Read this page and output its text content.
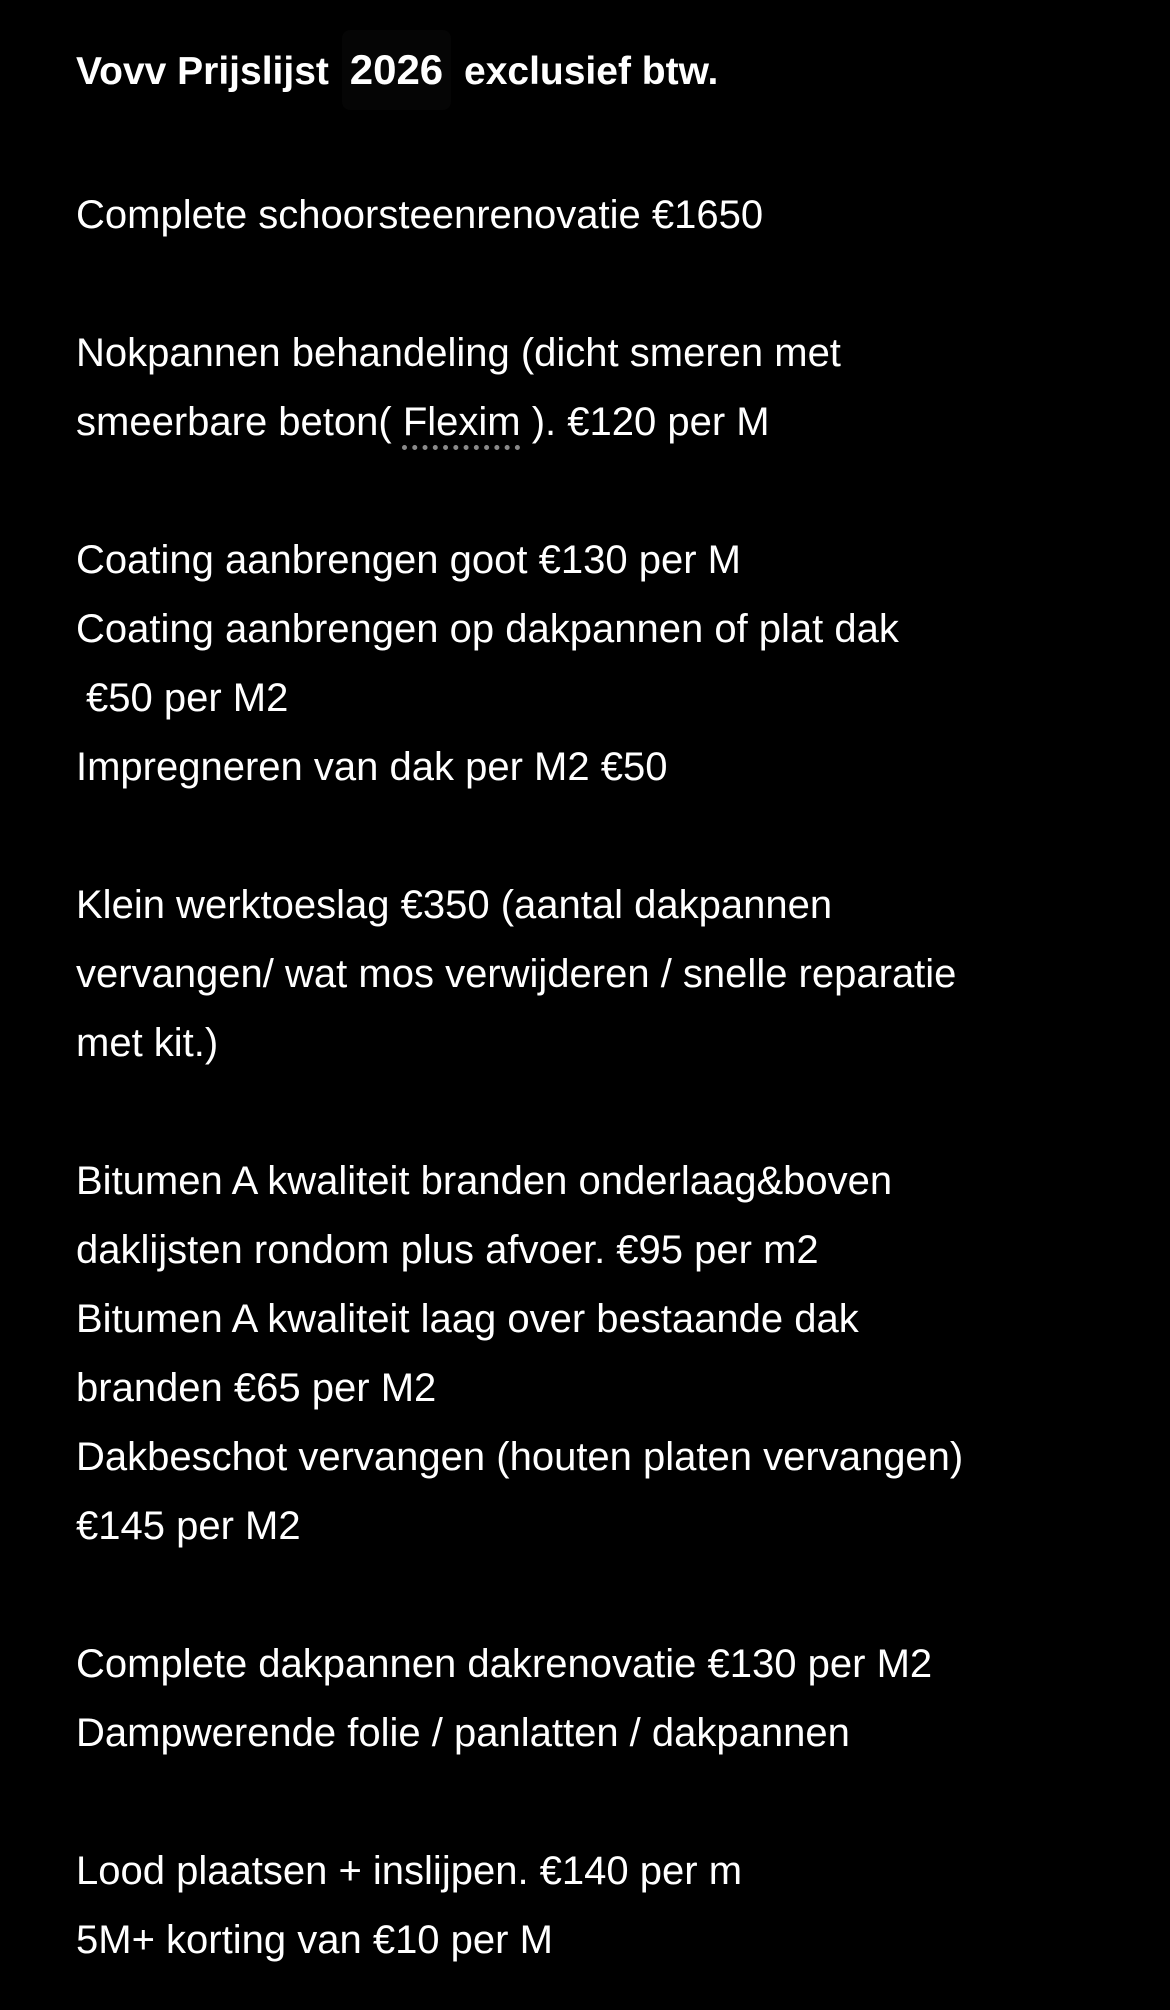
Vovv Prijslijst 2026 exclusief btw.
Complete schoorsteenrenovatie €1650
Nokpannen behandeling (dicht smeren met
smeerbare beton( Flexim ). €120 per M
Coating aanbrengen goot €130 per M
Coating aanbrengen op dakpannen of plat dak
€50 per M2
Impregneren van dak per M2 €50
Klein werktoeslag €350 (aantal dakpannen
vervangen/ wat mos verwijderen / snelle reparatie
met kit.)
Bitumen A kwaliteit branden onderlaag&boven
daklijsten rondom plus afvoer. €95 per m2
Bitumen A kwaliteit laag over bestaande dak
branden €65 per M2
Dakbeschot vervangen (houten platen vervangen)
€145 per M2
Complete dakpannen dakrenovatie €130 per M2
Dampwerende folie / panlatten / dakpannen
Lood plaatsen + inslijpen. €140 per m
5M+ korting van €10 per M
